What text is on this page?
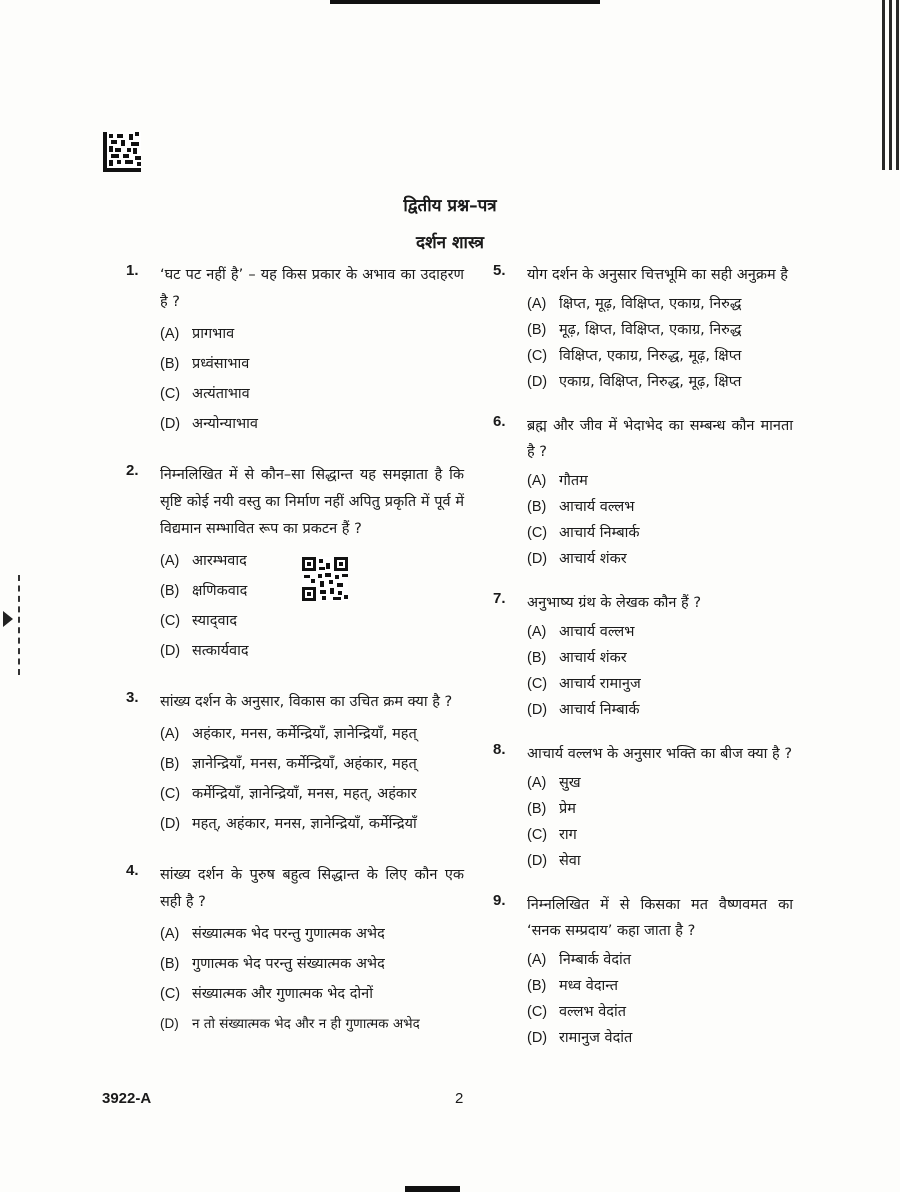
द्वितीय प्रश्न–पत्र
दर्शन शास्त्र
1. ‘घट पट नहीं है’ – यह किस प्रकार के अभाव का उदाहरण है ?
(A) प्रागभाव
(B) प्रध्वंसाभाव
(C) अत्यंताभाव
(D) अन्योन्याभाव
2. निम्नलिखित में से कौन–सा सिद्धान्त यह समझाता है कि सृष्टि कोई नयी वस्तु का निर्माण नहीं अपितु प्रकृति में पूर्व में विद्यमान सम्भावित रूप का प्रकटन हैं ?
(A) आरम्भवाद
(B) क्षणिकवाद
(C) स्याद्‌वाद
(D) सत्कार्यवाद
3. सांख्य दर्शन के अनुसार, विकास का उचित क्रम क्या है ?
(A) अहंकार, मनस, कर्मेन्द्रियाँ, ज्ञानेन्द्रियाँ, महत्
(B) ज्ञानेन्द्रियाँ, मनस, कर्मेन्द्रियाँ, अहंकार, महत्
(C) कर्मेन्द्रियाँ, ज्ञानेन्द्रियाँ, मनस, महत्, अहंकार
(D) महत्, अहंकार, मनस, ज्ञानेन्द्रियाँ, कर्मेन्द्रियाँ
4. सांख्य दर्शन के पुरुष बहुत्व सिद्धान्त के लिए कौन एक सही है ?
(A) संख्यात्मक भेद परन्तु गुणात्मक अभेद
(B) गुणात्मक भेद परन्तु संख्यात्मक अभेद
(C) संख्यात्मक और गुणात्मक भेद दोनों
(D) न तो संख्यात्मक भेद और न ही गुणात्मक अभेद
5. योग दर्शन के अनुसार चित्तभूमि का सही अनुक्रम है
(A) क्षिप्त, मूढ़, विक्षिप्त, एकाग्र, निरुद्ध
(B) मूढ़, क्षिप्त, विक्षिप्त, एकाग्र, निरुद्ध
(C) विक्षिप्त, एकाग्र, निरुद्ध, मूढ़, क्षिप्त
(D) एकाग्र, विक्षिप्त, निरुद्ध, मूढ़, क्षिप्त
6. ब्रह्म और जीव में भेदाभेद का सम्बन्ध कौन मानता है ?
(A) गौतम
(B) आचार्य वल्लभ
(C) आचार्य निम्बार्क
(D) आचार्य शंकर
7. अनुभाष्य ग्रंथ के लेखक कौन हैं ?
(A) आचार्य वल्लभ
(B) आचार्य शंकर
(C) आचार्य रामानुज
(D) आचार्य निम्बार्क
8. आचार्य वल्लभ के अनुसार भक्ति का बीज क्या है ?
(A) सुख
(B) प्रेम
(C) राग
(D) सेवा
9. निम्नलिखित में से किसका मत वैष्णवमत का ‘सनक सम्प्रदाय’ कहा जाता है ?
(A) निम्बार्क वेदांत
(B) मध्व वेदान्त
(C) वल्लभ वेदांत
(D) रामानुज वेदांत
3922-A	2
